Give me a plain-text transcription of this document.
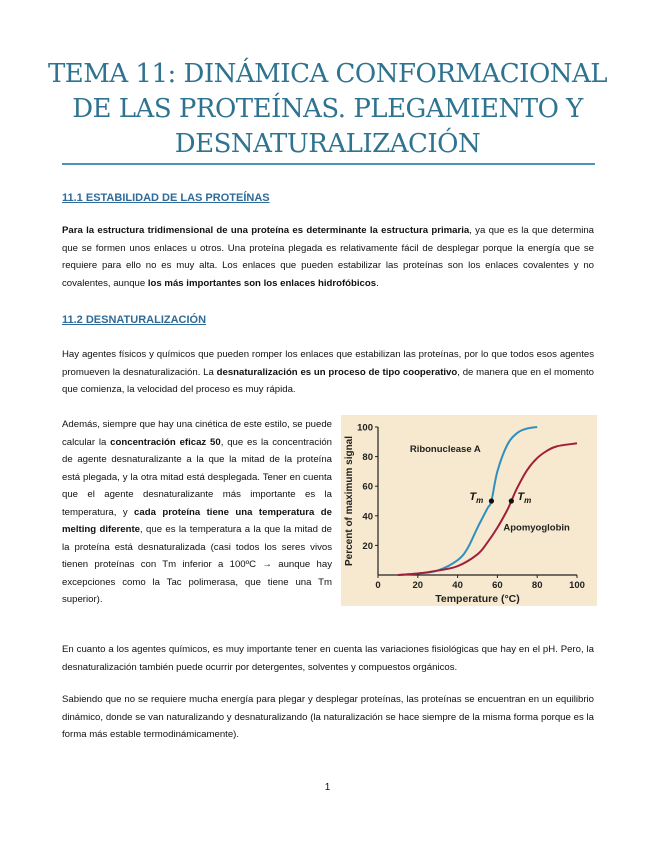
TEMA 11: DINÁMICA CONFORMACIONAL
DE LAS PROTEÍNAS. PLEGAMIENTO Y
DESNATURALIZACIÓN
11.1 ESTABILIDAD DE LAS PROTEÍNAS

Para la estructura tridimensional de una proteína es determinante la estructura primaria, ya que es la que determina que se formen unos enlaces u otros. Una proteína plegada es relativamente fácil de desplegar porque la energía que se requiere para ello no es muy alta. Los enlaces que pueden estabilizar las proteínas son los enlaces covalentes y no covalentes, aunque los más importantes son los enlaces hidrofóbicos.

11.2 DESNATURALIZACIÓN

Hay agentes físicos y químicos que pueden romper los enlaces que estabilizan las proteínas, por lo que todos esos agentes promueven la desnaturalización. La desnaturalización es un proceso de tipo cooperativo, de manera que en el momento que comienza, la velocidad del proceso es muy rápida.

Además, siempre que hay una cinética de este estilo, se puede calcular la concentración eficaz 50, que es la concentración de agente desnaturalizante a la que la mitad de la proteína está plegada, y la otra mitad está desplegada. Tener en cuenta que el agente desnaturalizante más importante es la temperatura, y cada proteína tiene una temperatura de melting diferente, que es la temperatura a la que la mitad de la proteína está desnaturalizada (casi todos los seres vivos tienen proteínas con Tm inferior a 100ºC → aunque hay excepciones como la Tac polimerasa, que tiene una Tm superior).

0	20	40	60	80	100
20
40
60
80
100
Temperature (°C)
Percent of maximum signal	$T_m$
Ribonuclease A
$T_m$
Apomyoglobin

En cuanto a los agentes químicos, es muy importante tener en cuenta las variaciones fisiológicas que hay en el pH. Pero, la desnaturalización también puede ocurrir por detergentes, solventes y compuestos orgánicos.

Sabiendo que no se requiere mucha energía para plegar y desplegar proteínas, las proteínas se encuentran en un equilibrio dinámico, donde se van naturalizando y desnaturalizando (la naturalización se hace siempre de la misma forma porque es la forma más estable termodinámicamente).

1
